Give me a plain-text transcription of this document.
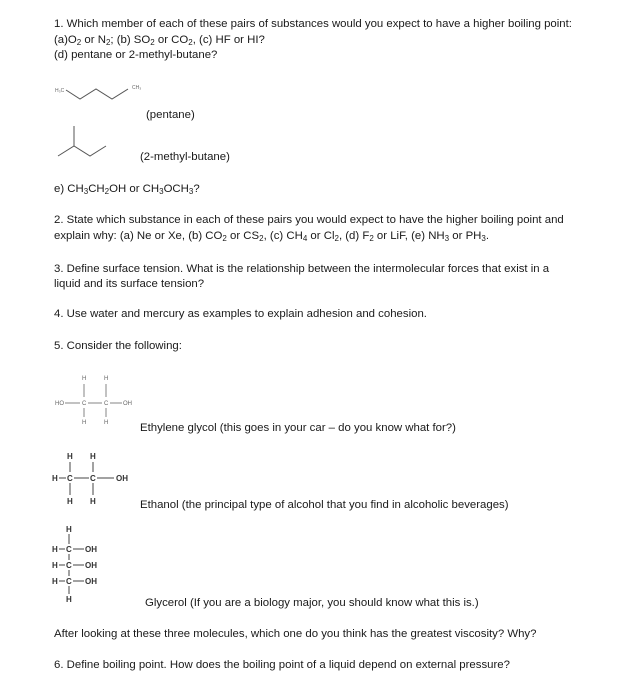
1. Which member of each of these pairs of substances would you expect to have a higher boiling point:
$(a)O_2$ or $N_2$; (b) $SO_2$ or $CO_2$, (c) HF or HI?
(d) pentane or 2-methyl-butane?
H₃C	CH₃
(pentane)
(2-methyl-butane)
e) $CH_3CH_2OH$ or $CH_3OCH_3$?
2. State which substance in each of these pairs you would expect to have the higher boiling point and
explain why: (a) Ne or Xe, (b) $CO_2$ or $CS_2$, (c) $CH_4$ or $Cl_2$, (d) $F_2$ or LiF, (e) $NH_3$ or $PH_3$.
3. Define surface tension. What is the relationship between the intermolecular forces that exist in a
liquid and its surface tension?
4. Use water and mercury as examples to explain adhesion and cohesion.
5. Consider the following:
H	H
HO	C	C OH
H	H	Ethylene glycol (this goes in your car – do you know what for?)
H H
H C C	OH
H H	Ethanol (the principal type of alcohol that you find in alcoholic beverages)
H
H C OH
H C OH
H C OH
H	Glycerol (If you are a biology major, you should know what this is.)
After looking at these three molecules, which one do you think has the greatest viscosity? Why?
6. Define boiling point. How does the boiling point of a liquid depend on external pressure?
